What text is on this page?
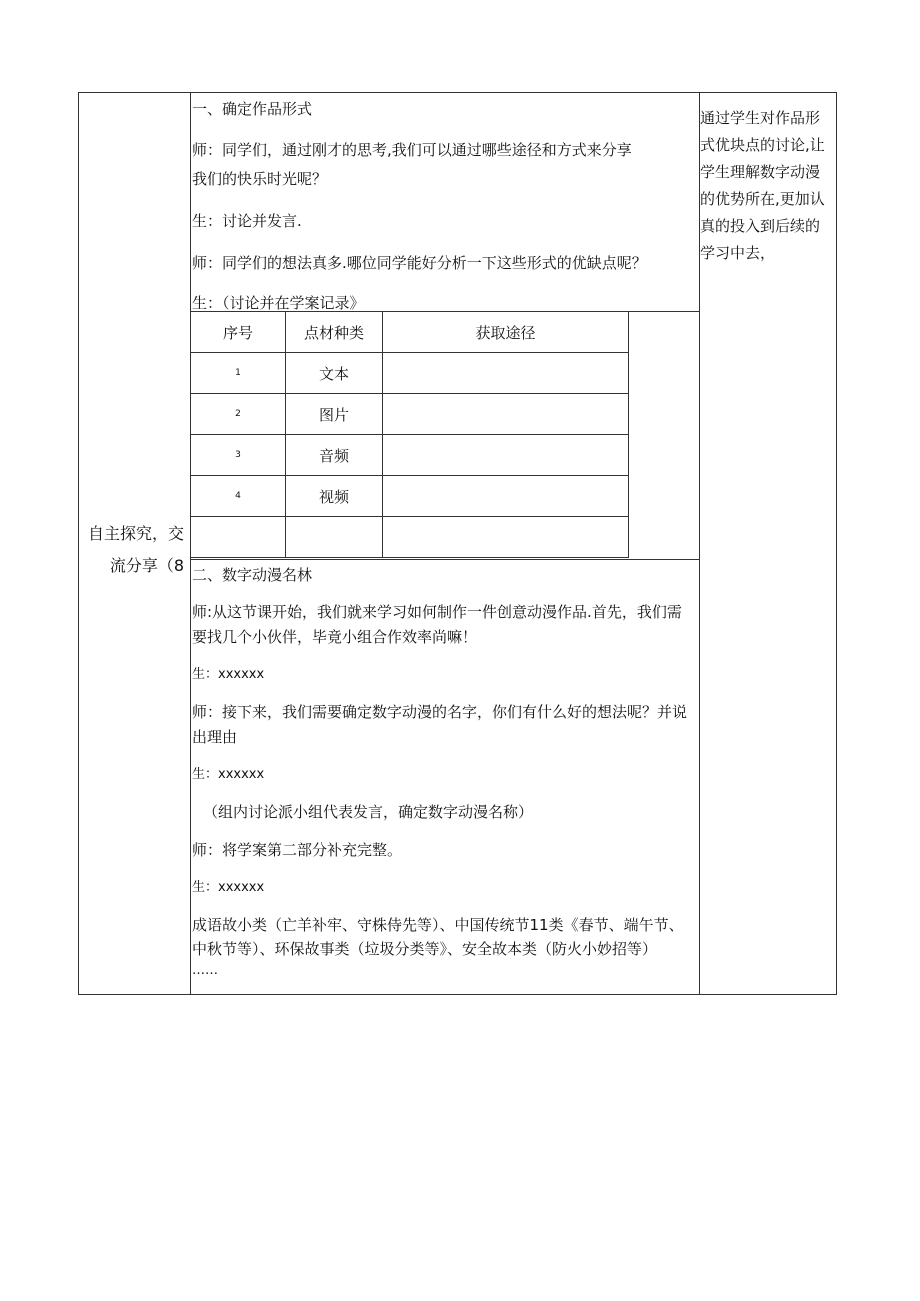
自主探究，交
流分享（8
通过学生对作品形式优块点的讨论,让学生理解数字动漫的优势所在,更加认真的投入到后续的学习中去，
一、确定作品形式
师：同学们，通过刚才的思考,我们可以通过哪些途径和方式来分享
我们的快乐时光呢？
生：讨论并发言.
师：同学们的想法真多.哪位同学能好分析一下这些形式的优缺点呢？
生：（讨论并在学案记录》
序号	点材种类	获取途径
1	文本	
2	图片	
3	音频	
4	视频	

二、数字动漫名林
师:从这节课开始，我们就来学习如何制作一件创意动漫作品.首先，我们需
要找几个小伙伴，毕竟小组合作效率尚嘛！
生：xxxxxx
师：接下来，我们需要确定数字动漫的名字，你们有什么好的想法呢？并说
出理由
生：xxxxxx
（组内讨论派小组代表发言，确定数字动漫名称）
师：将学案第二部分补充完整。
生：xxxxxx
成语故小类（亡羊补牢、守株侍先等）、中国传统节11类《春节、端午节、
中秋节等）、环保故事类（垃圾分类等》、安全故本类（防火小妙招等）
……
